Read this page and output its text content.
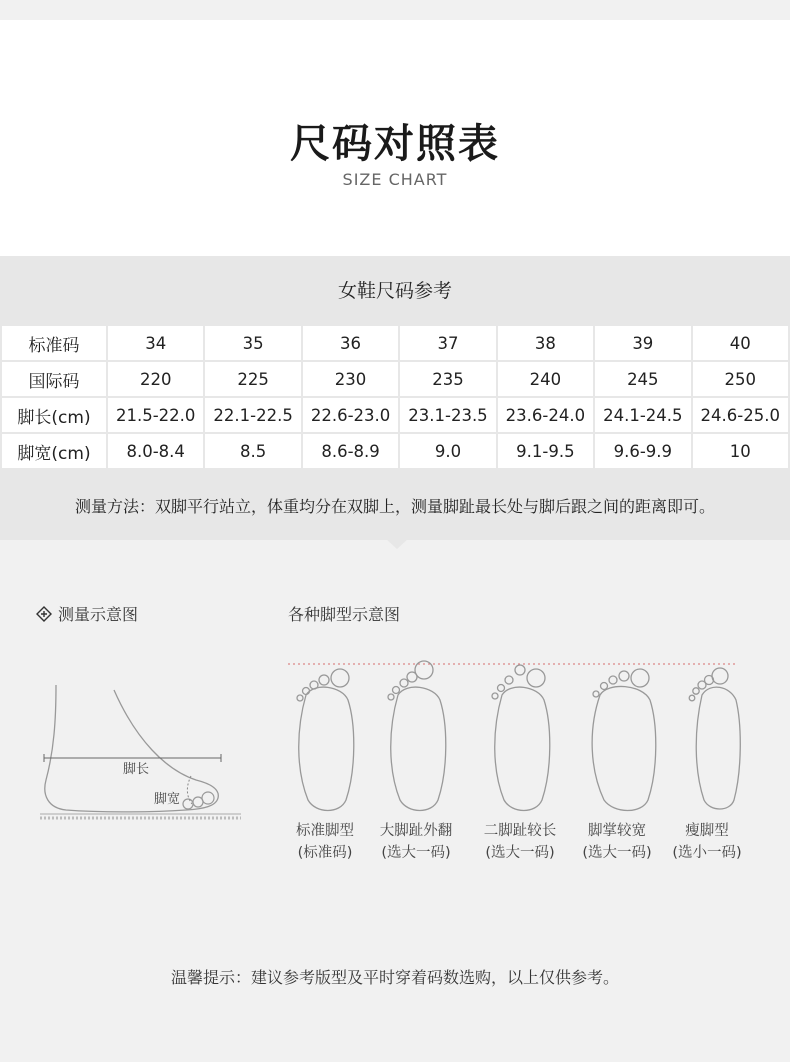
尺码对照表
SIZE CHART
女鞋尺码参考
标准码	34	35	36	37	38	39	40
国际码	220	225	230	235	240	245	250
脚长(cm)	21.5-22.0	22.1-22.5	22.6-23.0	23.1-23.5	23.6-24.0	24.1-24.5	24.6-25.0
脚宽(cm)	8.0-8.4	8.5	8.6-8.9	9.0	9.1-9.5	9.6-9.9	10
测量方法：双脚平行站立，体重均分在双脚上，测量脚趾最长处与脚后跟之间的距离即可。
测量示意图	各种脚型示意图
脚长
脚宽
标准脚型
(标准码)
大脚趾外翻
(选大一码)
二脚趾较长
(选大一码)
脚掌较宽
(选大一码)
瘦脚型
(选小一码)
温馨提示：建议参考版型及平时穿着码数选购，以上仅供参考。
